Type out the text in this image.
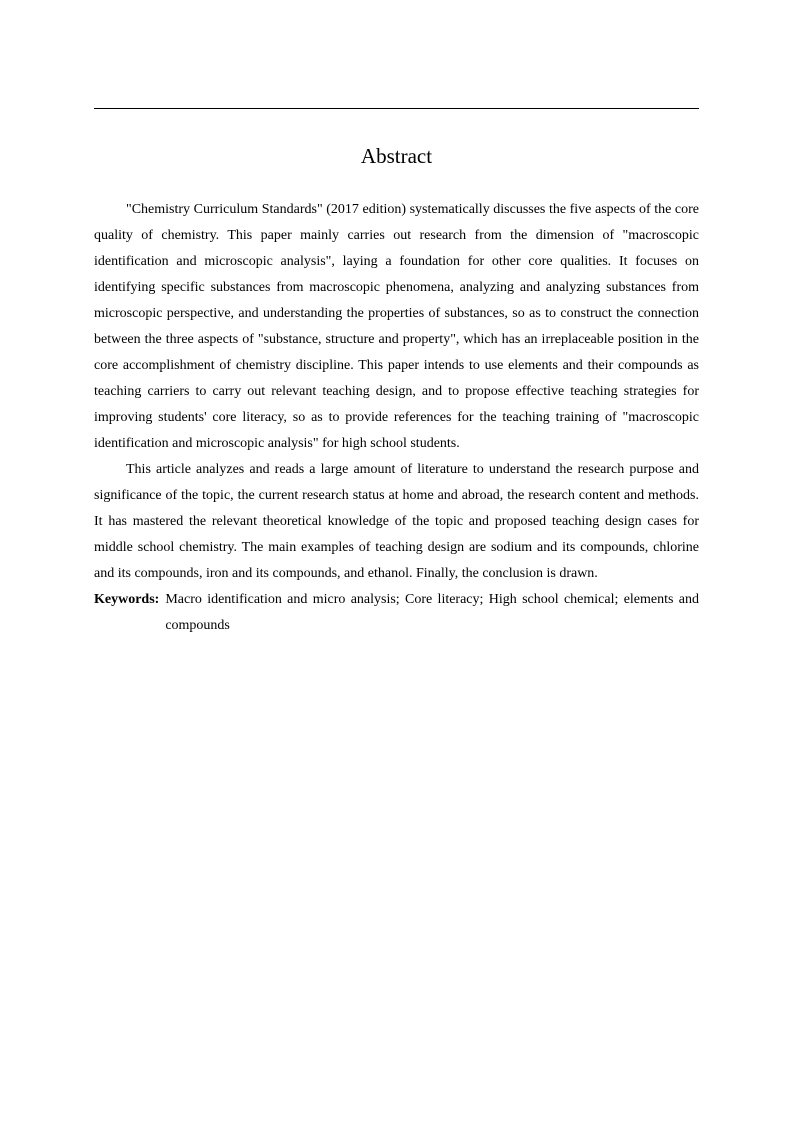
Abstract

"Chemistry Curriculum Standards" (2017 edition) systematically discusses the five aspects of the core quality of chemistry. This paper mainly carries out research from the dimension of "macroscopic identification and microscopic analysis", laying a foundation for other core qualities. It focuses on identifying specific substances from macroscopic phenomena, analyzing and analyzing substances from microscopic perspective, and understanding the properties of substances, so as to construct the connection between the three aspects of "substance, structure and property", which has an irreplaceable position in the core accomplishment of chemistry discipline. This paper intends to use elements and their compounds as teaching carriers to carry out relevant teaching design, and to propose effective teaching strategies for improving students' core literacy, so as to provide references for the teaching training of "macroscopic identification and microscopic analysis" for high school students.

This article analyzes and reads a large amount of literature to understand the research purpose and significance of the topic, the current research status at home and abroad, the research content and methods. It has mastered the relevant theoretical knowledge of the topic and proposed teaching design cases for middle school chemistry. The main examples of teaching design are sodium and its compounds, chlorine and its compounds, iron and its compounds, and ethanol. Finally, the conclusion is drawn.

Keywords: Macro identification and micro analysis; Core literacy; High school chemical; elements and compounds
